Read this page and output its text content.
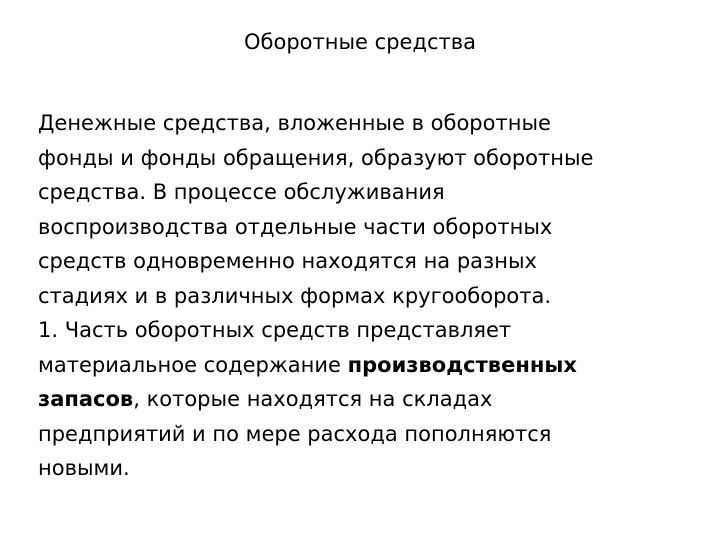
Оборотные средства
Денежные средства, вложенные в оборотные
фонды и фонды обращения, образуют оборотные
средства. В процессе обслуживания
воспроизводства отдельные части оборотных
средств одновременно находятся на разных
стадиях и в различных формах кругооборота.
1. Часть оборотных средств представляет
материальное содержание производственных
запасов, которые находятся на складах
предприятий и по мере расхода пополняются
новыми.
